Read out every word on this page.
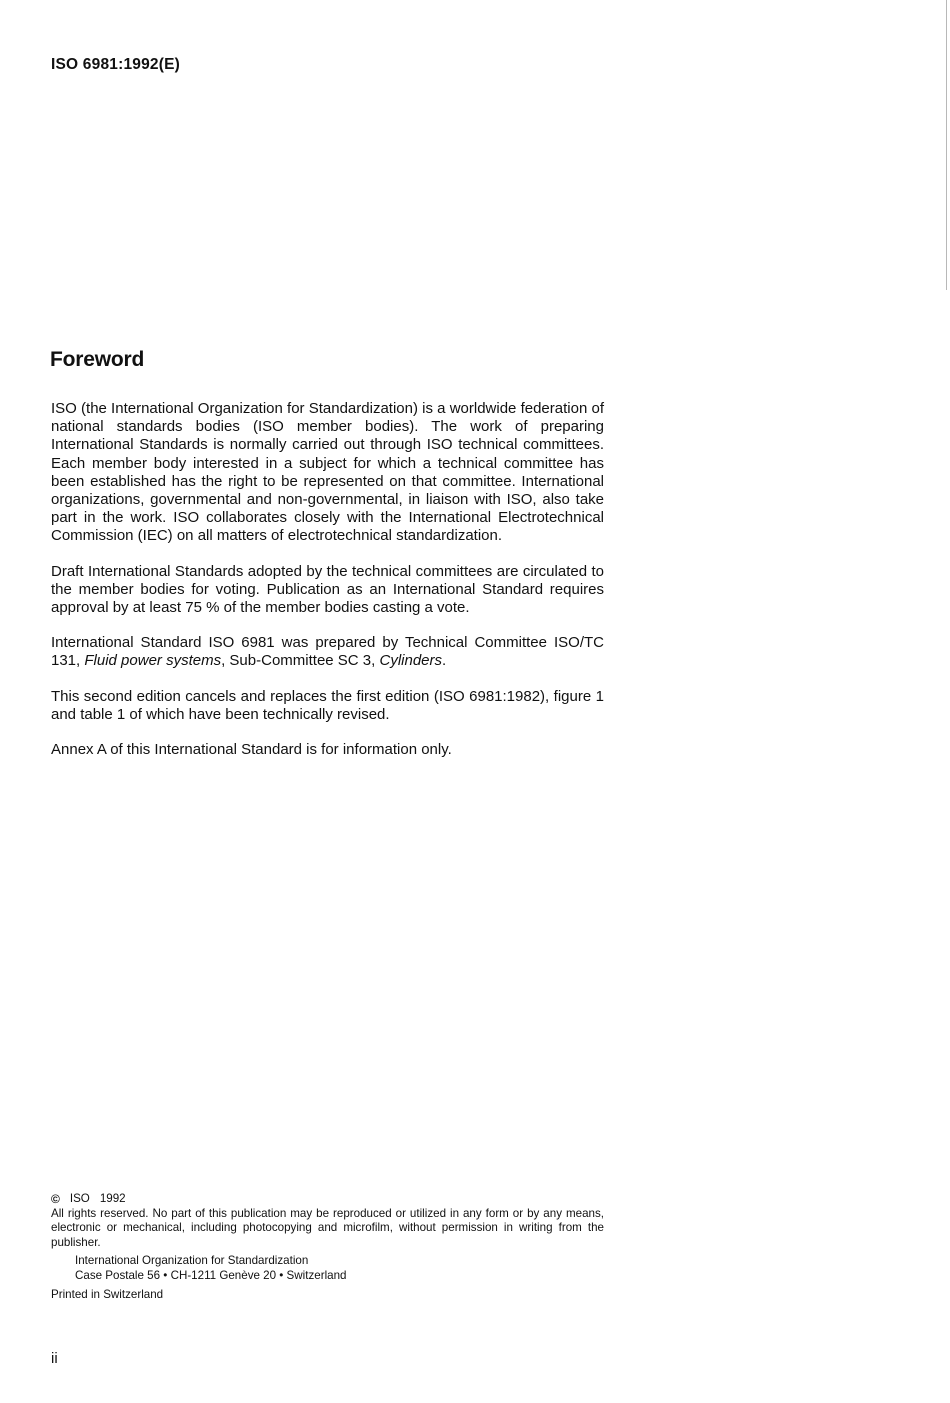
ISO 6981:1992(E)
Foreword

ISO (the International Organization for Standardization) is a worldwide federation of national standards bodies (ISO member bodies). The work of preparing International Standards is normally carried out through ISO technical committees. Each member body interested in a subject for which a technical committee has been established has the right to be represented on that committee. International organizations, governmental and non-governmental, in liaison with ISO, also take part in the work. ISO collaborates closely with the International Electrotechnical Commission (IEC) on all matters of electrotechnical standardization.

Draft International Standards adopted by the technical committees are circulated to the member bodies for voting. Publication as an International Standard requires approval by at least 75 % of the member bodies casting a vote.

International Standard ISO 6981 was prepared by Technical Committee ISO/TC 131, Fluid power systems, Sub-Committee SC 3, Cylinders.

This second edition cancels and replaces the first edition (ISO 6981:1982), figure 1 and table 1 of which have been technically revised.

Annex A of this International Standard is for information only.

© ISO 1992

All rights reserved. No part of this publication may be reproduced or utilized in any form or by any means, electronic or mechanical, including photocopying and microfilm, without permission in writing from the publisher.

International Organization for Standardization
Case Postale 56 • CH-1211 Genève 20 • Switzerland
Printed in Switzerland
ii
